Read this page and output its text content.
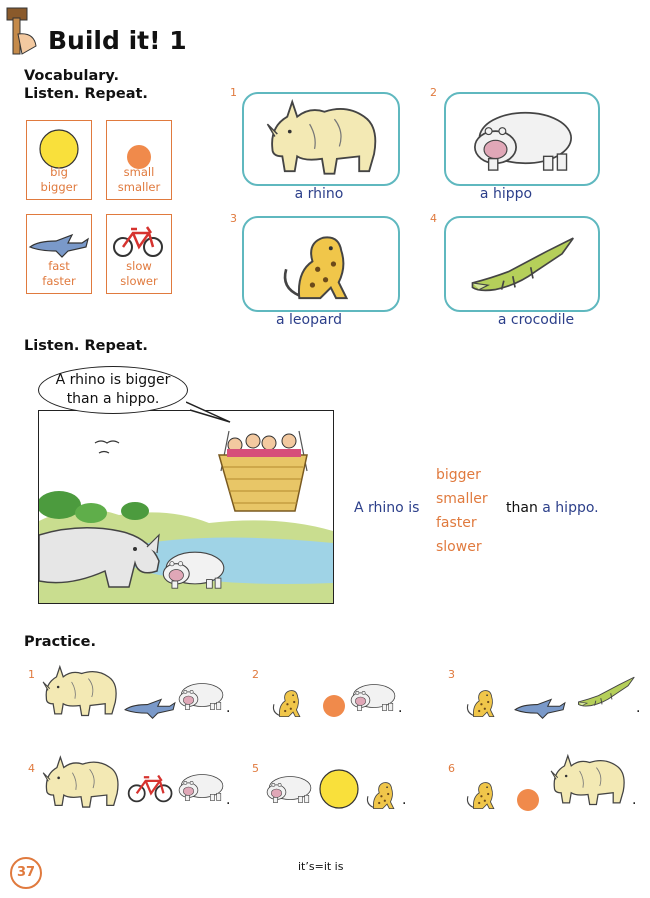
Build it! 1
Vocabulary.
Listen. Repeat.
big
bigger
small
smaller
fast
faster
slow
slower
1
a rhino
2
a hippo
3
a leopard
4
a crocodile
Listen. Repeat.
A rhino is bigger
than a hippo.
A rhino is
bigger
smaller
faster
slower
than a hippo.
Practice.
1
.
2
.
3
.
4
.
5
.
6
.
37	it’s=it is
